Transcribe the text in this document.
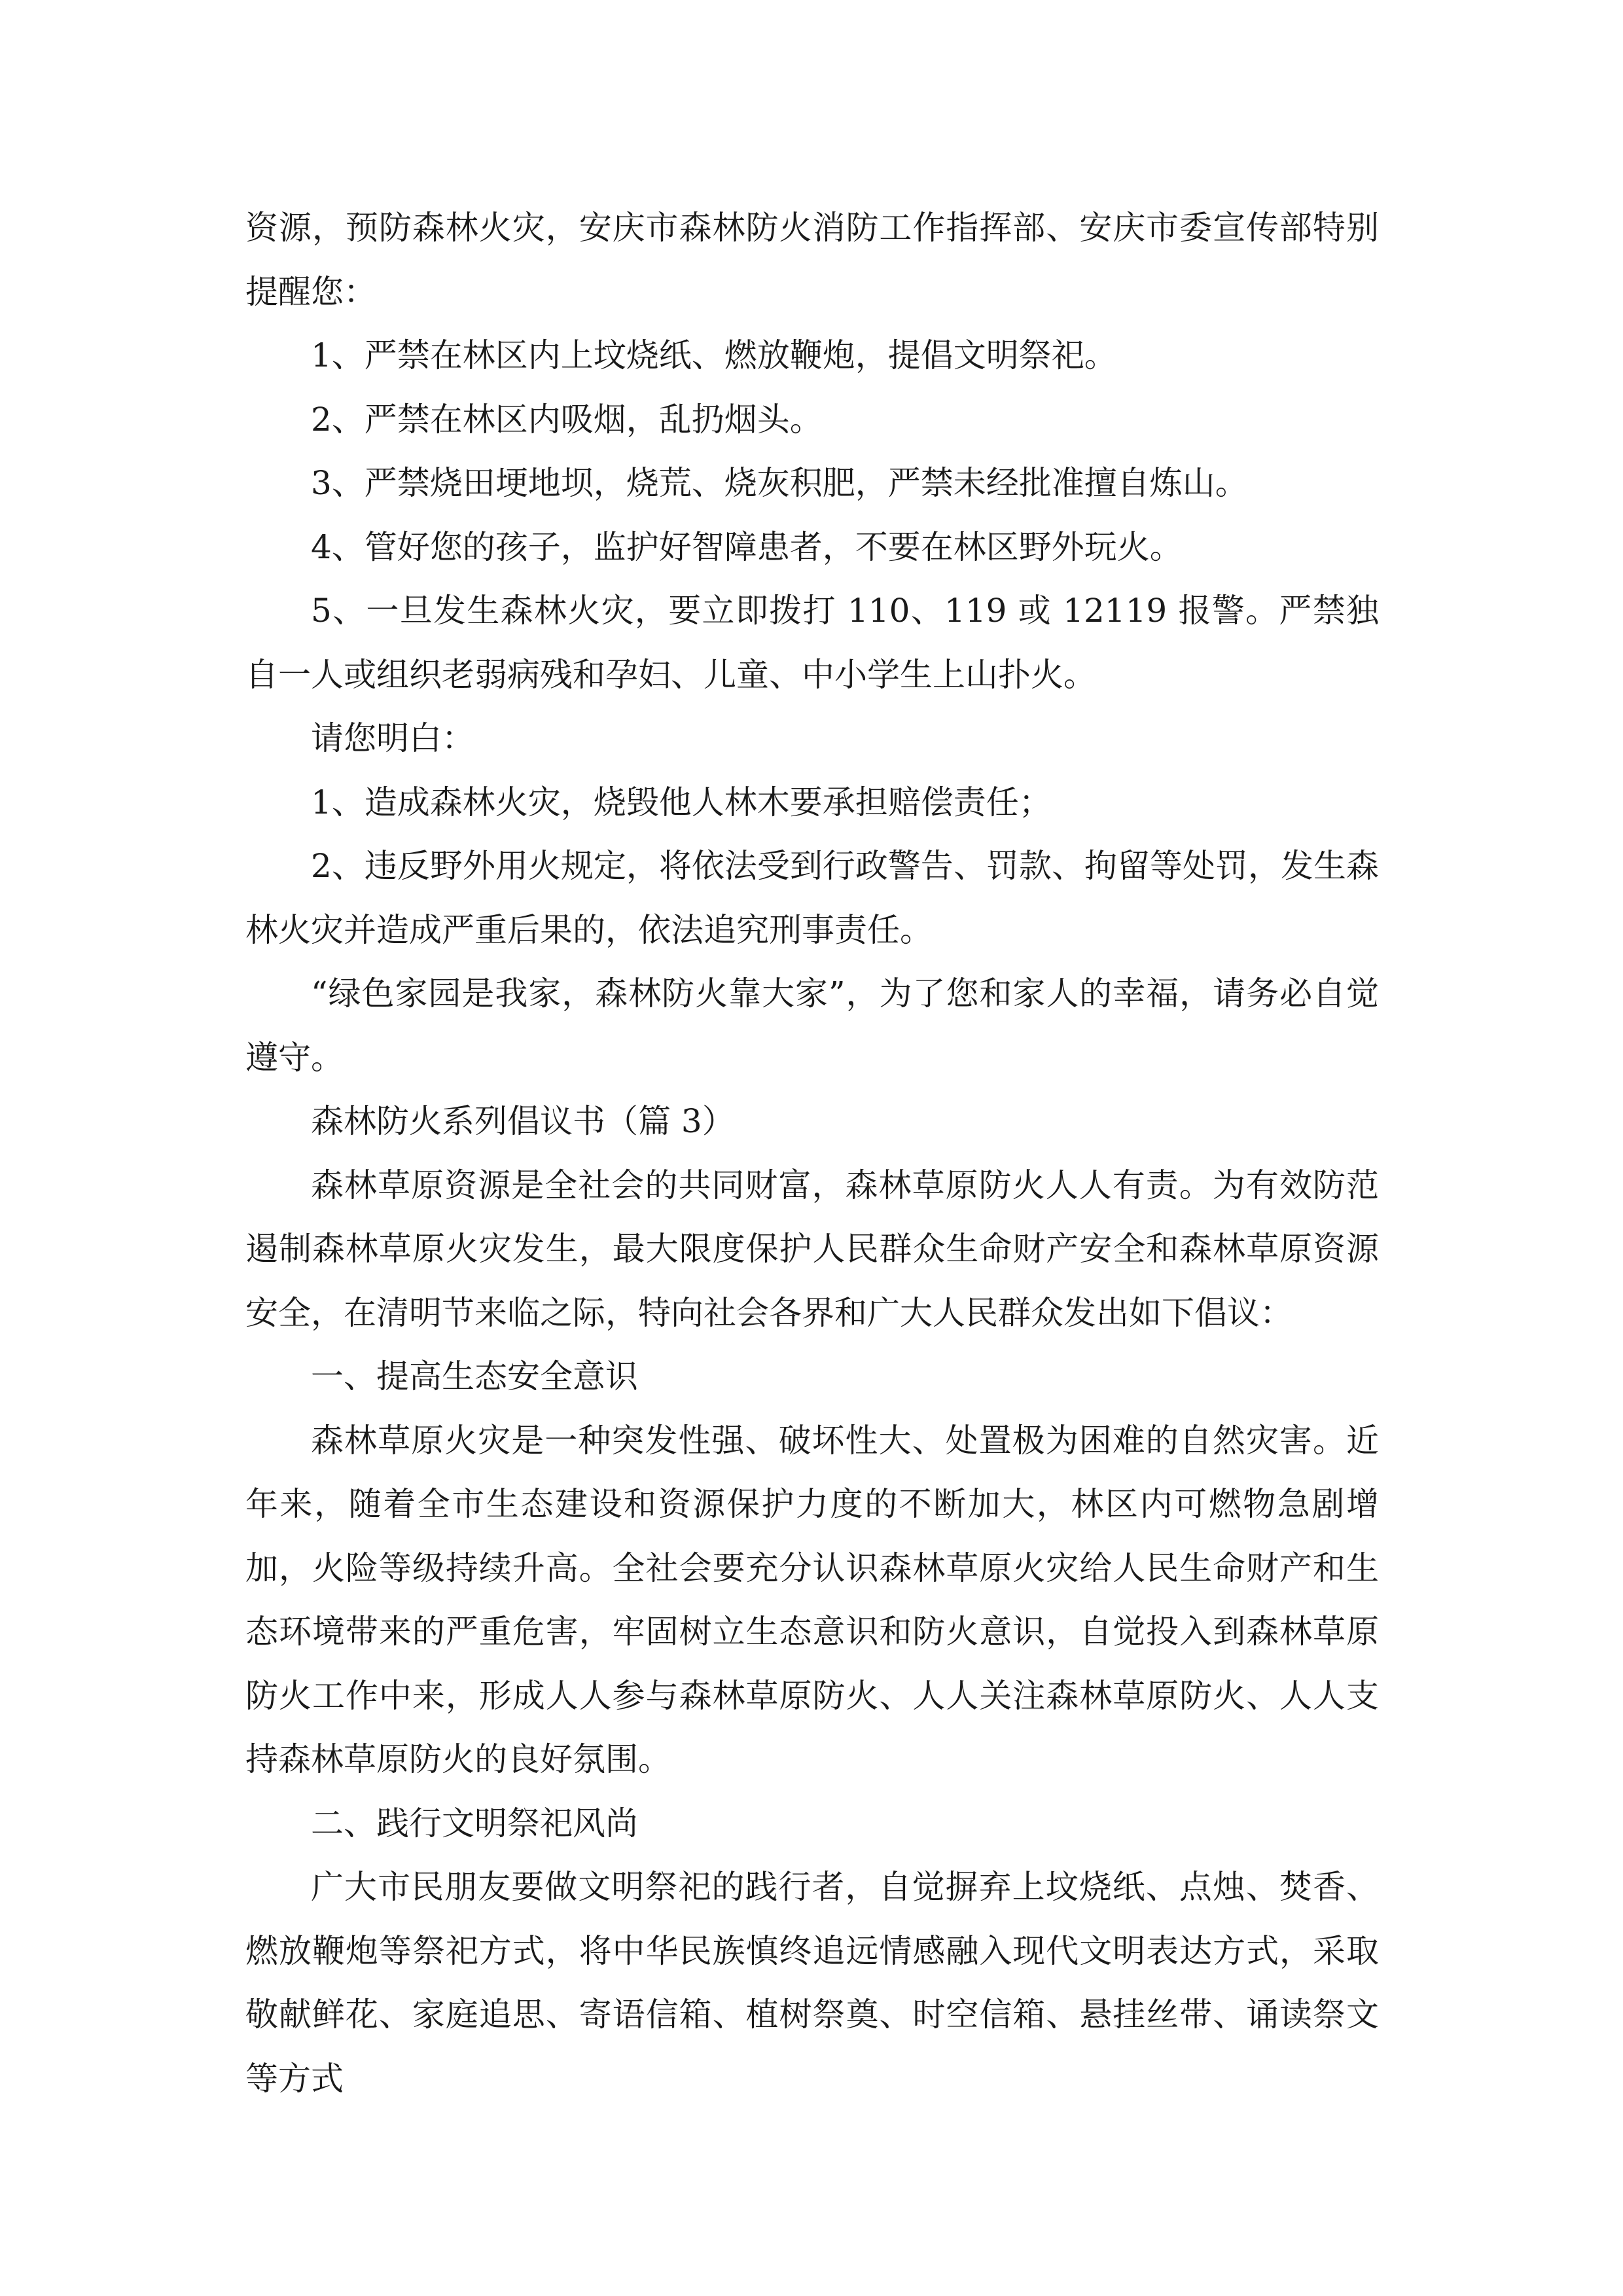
资源，预防森林火灾，安庆市森林防火消防工作指挥部、安庆市委宣传部特别提醒您：

1、严禁在林区内上坟烧纸、燃放鞭炮，提倡文明祭祀。

2、严禁在林区内吸烟，乱扔烟头。

3、严禁烧田埂地坝，烧荒、烧灰积肥，严禁未经批准擅自炼山。

4、管好您的孩子，监护好智障患者，不要在林区野外玩火。

5、一旦发生森林火灾，要立即拨打 110、119 或 12119 报警。严禁独自一人或组织老弱病残和孕妇、儿童、中小学生上山扑火。

请您明白：

1、造成森林火灾，烧毁他人林木要承担赔偿责任；

2、违反野外用火规定，将依法受到行政警告、罚款、拘留等处罚，发生森林火灾并造成严重后果的，依法追究刑事责任。

“绿色家园是我家，森林防火靠大家”，为了您和家人的幸福，请务必自觉遵守。

森林防火系列倡议书（篇 3）

森林草原资源是全社会的共同财富，森林草原防火人人有责。为有效防范遏制森林草原火灾发生，最大限度保护人民群众生命财产安全和森林草原资源安全，在清明节来临之际，特向社会各界和广大人民群众发出如下倡议：

一、提高生态安全意识

森林草原火灾是一种突发性强、破坏性大、处置极为困难的自然灾害。近年来，随着全市生态建设和资源保护力度的不断加大，林区内可燃物急剧增加，火险等级持续升高。全社会要充分认识森林草原火灾给人民生命财产和生态环境带来的严重危害，牢固树立生态意识和防火意识，自觉投入到森林草原防火工作中来，形成人人参与森林草原防火、人人关注森林草原防火、人人支持森林草原防火的良好氛围。

二、践行文明祭祀风尚

广大市民朋友要做文明祭祀的践行者，自觉摒弃上坟烧纸、点烛、焚香、燃放鞭炮等祭祀方式，将中华民族慎终追远情感融入现代文明表达方式，采取敬献鲜花、家庭追思、寄语信箱、植树祭奠、时空信箱、悬挂丝带、诵读祭文等方式
